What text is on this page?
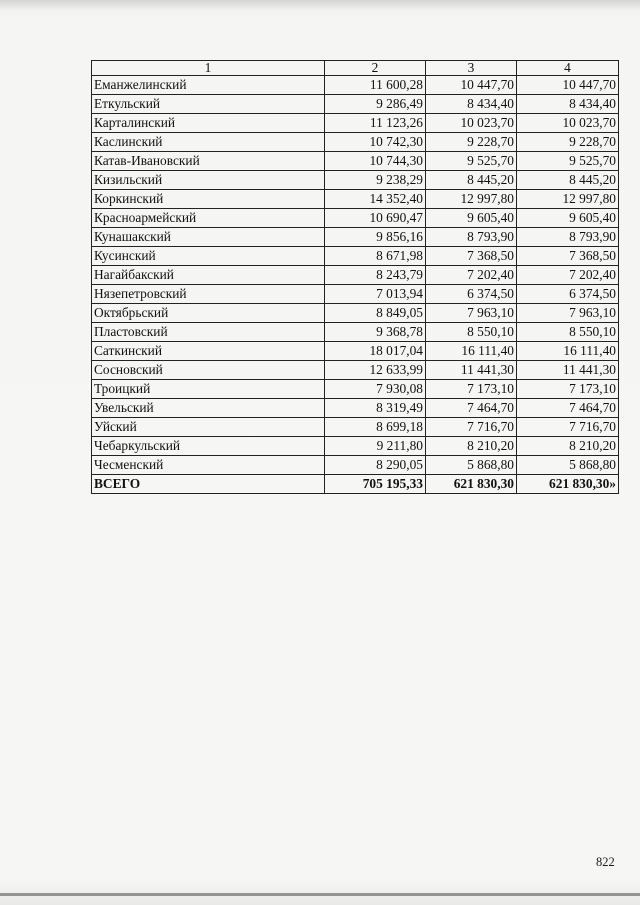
1	2	3	4
Еманжелинский	11 600,28	10 447,70	10 447,70
Еткульский	9 286,49	8 434,40	8 434,40
Карталинский	11 123,26	10 023,70	10 023,70
Каслинский	10 742,30	9 228,70	9 228,70
Катав-Ивановский	10 744,30	9 525,70	9 525,70
Кизильский	9 238,29	8 445,20	8 445,20
Коркинский	14 352,40	12 997,80	12 997,80
Красноармейский	10 690,47	9 605,40	9 605,40
Кунашакский	9 856,16	8 793,90	8 793,90
Кусинский	8 671,98	7 368,50	7 368,50
Нагайбакский	8 243,79	7 202,40	7 202,40
Нязепетровский	7 013,94	6 374,50	6 374,50
Октябрьский	8 849,05	7 963,10	7 963,10
Пластовский	9 368,78	8 550,10	8 550,10
Саткинский	18 017,04	16 111,40	16 111,40
Сосновский	12 633,99	11 441,30	11 441,30
Троицкий	7 930,08	7 173,10	7 173,10
Увельский	8 319,49	7 464,70	7 464,70
Уйский	8 699,18	7 716,70	7 716,70
Чебаркульский	9 211,80	8 210,20	8 210,20
Чесменский	8 290,05	5 868,80	5 868,80
ВСЕГО	705 195,33	621 830,30	621 830,30»
822
